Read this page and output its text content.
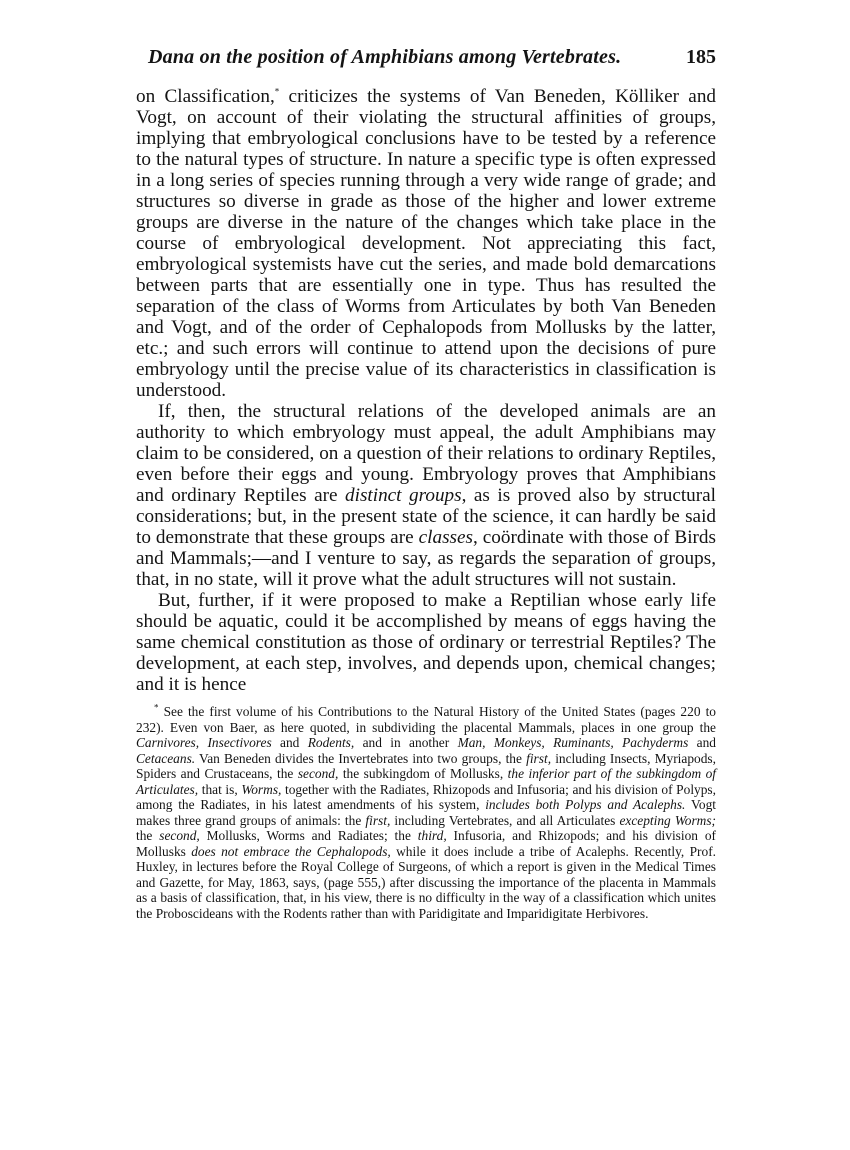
Dana on the position of Amphibians among Vertebrates.	185

on Classification,* criticizes the systems of Van Beneden, Kölliker and Vogt, on account of their violating the structural affinities of groups, implying that embryological conclusions have to be tested by a reference to the natural types of structure. In nature a specific type is often expressed in a long series of species running through a very wide range of grade; and structures so diverse in grade as those of the higher and lower extreme groups are diverse in the nature of the changes which take place in the course of embryological development. Not appreciating this fact, embryological systemists have cut the series, and made bold demarcations between parts that are essentially one in type. Thus has resulted the separation of the class of Worms from Articulates by both Van Beneden and Vogt, and of the order of Cephalopods from Mollusks by the latter, etc.; and such errors will continue to attend upon the decisions of pure embryology until the precise value of its characteristics in classification is understood.

If, then, the structural relations of the developed animals are an authority to which embryology must appeal, the adult Amphibians may claim to be considered, on a question of their relations to ordinary Reptiles, even before their eggs and young. Embryology proves that Amphibians and ordinary Reptiles are distinct groups, as is proved also by structural considerations; but, in the present state of the science, it can hardly be said to demonstrate that these groups are classes, coördinate with those of Birds and Mammals;—and I venture to say, as regards the separation of groups, that, in no state, will it prove what the adult structures will not sustain.

But, further, if it were proposed to make a Reptilian whose early life should be aquatic, could it be accomplished by means of eggs having the same chemical constitution as those of ordinary or terrestrial Reptiles? The development, at each step, involves, and depends upon, chemical changes; and it is hence

* See the first volume of his Contributions to the Natural History of the United States (pages 220 to 232). Even von Baer, as here quoted, in subdividing the placental Mammals, places in one group the Carnivores, Insectivores and Rodents, and in another Man, Monkeys, Ruminants, Pachyderms and Cetaceans. Van Beneden divides the Invertebrates into two groups, the first, including Insects, Myriapods, Spiders and Crustaceans, the second, the subkingdom of Mollusks, the inferior part of the subkingdom of Articulates, that is, Worms, together with the Radiates, Rhizopods and Infusoria; and his division of Polyps, among the Radiates, in his latest amendments of his system, includes both Polyps and Acalephs. Vogt makes three grand groups of animals: the first, including Vertebrates, and all Articulates excepting Worms; the second, Mollusks, Worms and Radiates; the third, Infusoria, and Rhizopods; and his division of Mollusks does not embrace the Cephalopods, while it does include a tribe of Acalephs. Recently, Prof. Huxley, in lectures before the Royal College of Surgeons, of which a report is given in the Medical Times and Gazette, for May, 1863, says, (page 555,) after discussing the importance of the placenta in Mammals as a basis of classification, that, in his view, there is no difficulty in the way of a classification which unites the Proboscideans with the Rodents rather than with Paridigitate and Imparidigitate Herbivores.
